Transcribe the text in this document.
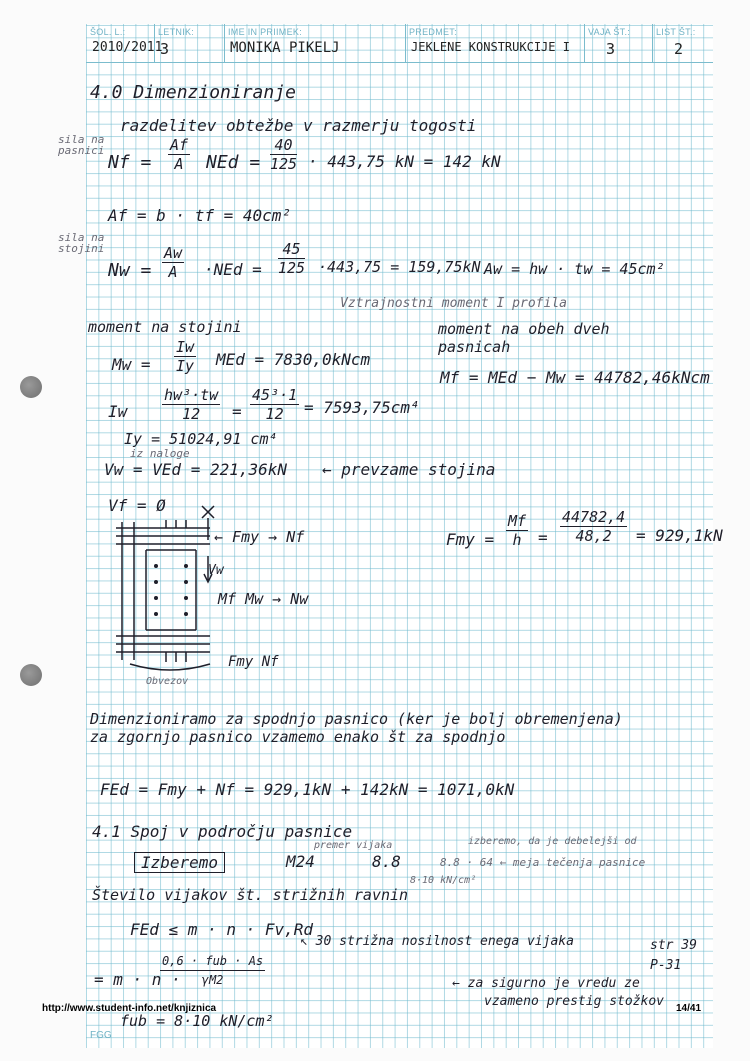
ŠOL. L.:
2010/2011
LETNIK:
3
IME IN PRIIMEK:
MONIKA PIKELJ
PREDMET:
JEKLENE KONSTRUKCIJE I
VAJA ŠT.:
3
LIST ŠT.:
2
4.0 Dimenzioniranje
razdelitev obtežbe v razmerju togosti
sila na pasnici
$Nf = \frac{Af}{A}$ NEd = $\frac{40}{125} \cdot 443,75$ kN = 142 kN
Af = b · tf = 40cm²
sila na stojini
$Nw = \frac{Aw}{A} \cdot NEd = \frac{45}{125} \cdot 443,75 = 159,75kN$ Aw = hw · tw = 45cm²
Vztrajnostni moment I profila
moment na stojini	moment na obeh dveh pasnicah
$Mw = \frac{Iw}{Iy}$ MEd = 7830,0kNcm
Mf = MEd − Mw = 44782,46kNcm
Iw $\frac{\text{hw³·tw}}{12} = \frac{\text{45³·1}}{12} = 7593,75cm^4$
Iy = 51024,91 cm⁴
iz naloge
Vw = VEd = 221,36kN ← prevzame stojina
Vf = Ø
Fmy = $\frac{Mf}{h} = \frac{44782,4}{48,2} = 929,1kN$
← Fmy → Nf
Vw
Mf Mw → Nw
Fmy Nf
Obvezov
Dimenzioniramo za spodnjo pasnico (ker je bolj obremenjena)
za zgornjo pasnico vzamemo enako št za spodnjo
FEd = Fmy + Nf = 929,1kN + 142kN = 1071,0kN
4.1 Spoj v področju pasnice
Izberemo	M24
premer vijaka
8.8
izberemo, da je debelejši od
8.8 · 64 ← meja tečenja pasnice
8·10 kN/cm²
Število vijakov št. strižnih ravnin
FEd ≤ m · n · Fv,Rd
↖ 30 strižna nosilnost enega vijaka	str 39 P-31
= m · n ·
0,6 · fub · As
γM2	← za sigurno je vredu ze
vzameno prestig stožkov
fub = 8·10 kN/cm²
http://www.student-info.net/knjiznica	14/41
FGG
